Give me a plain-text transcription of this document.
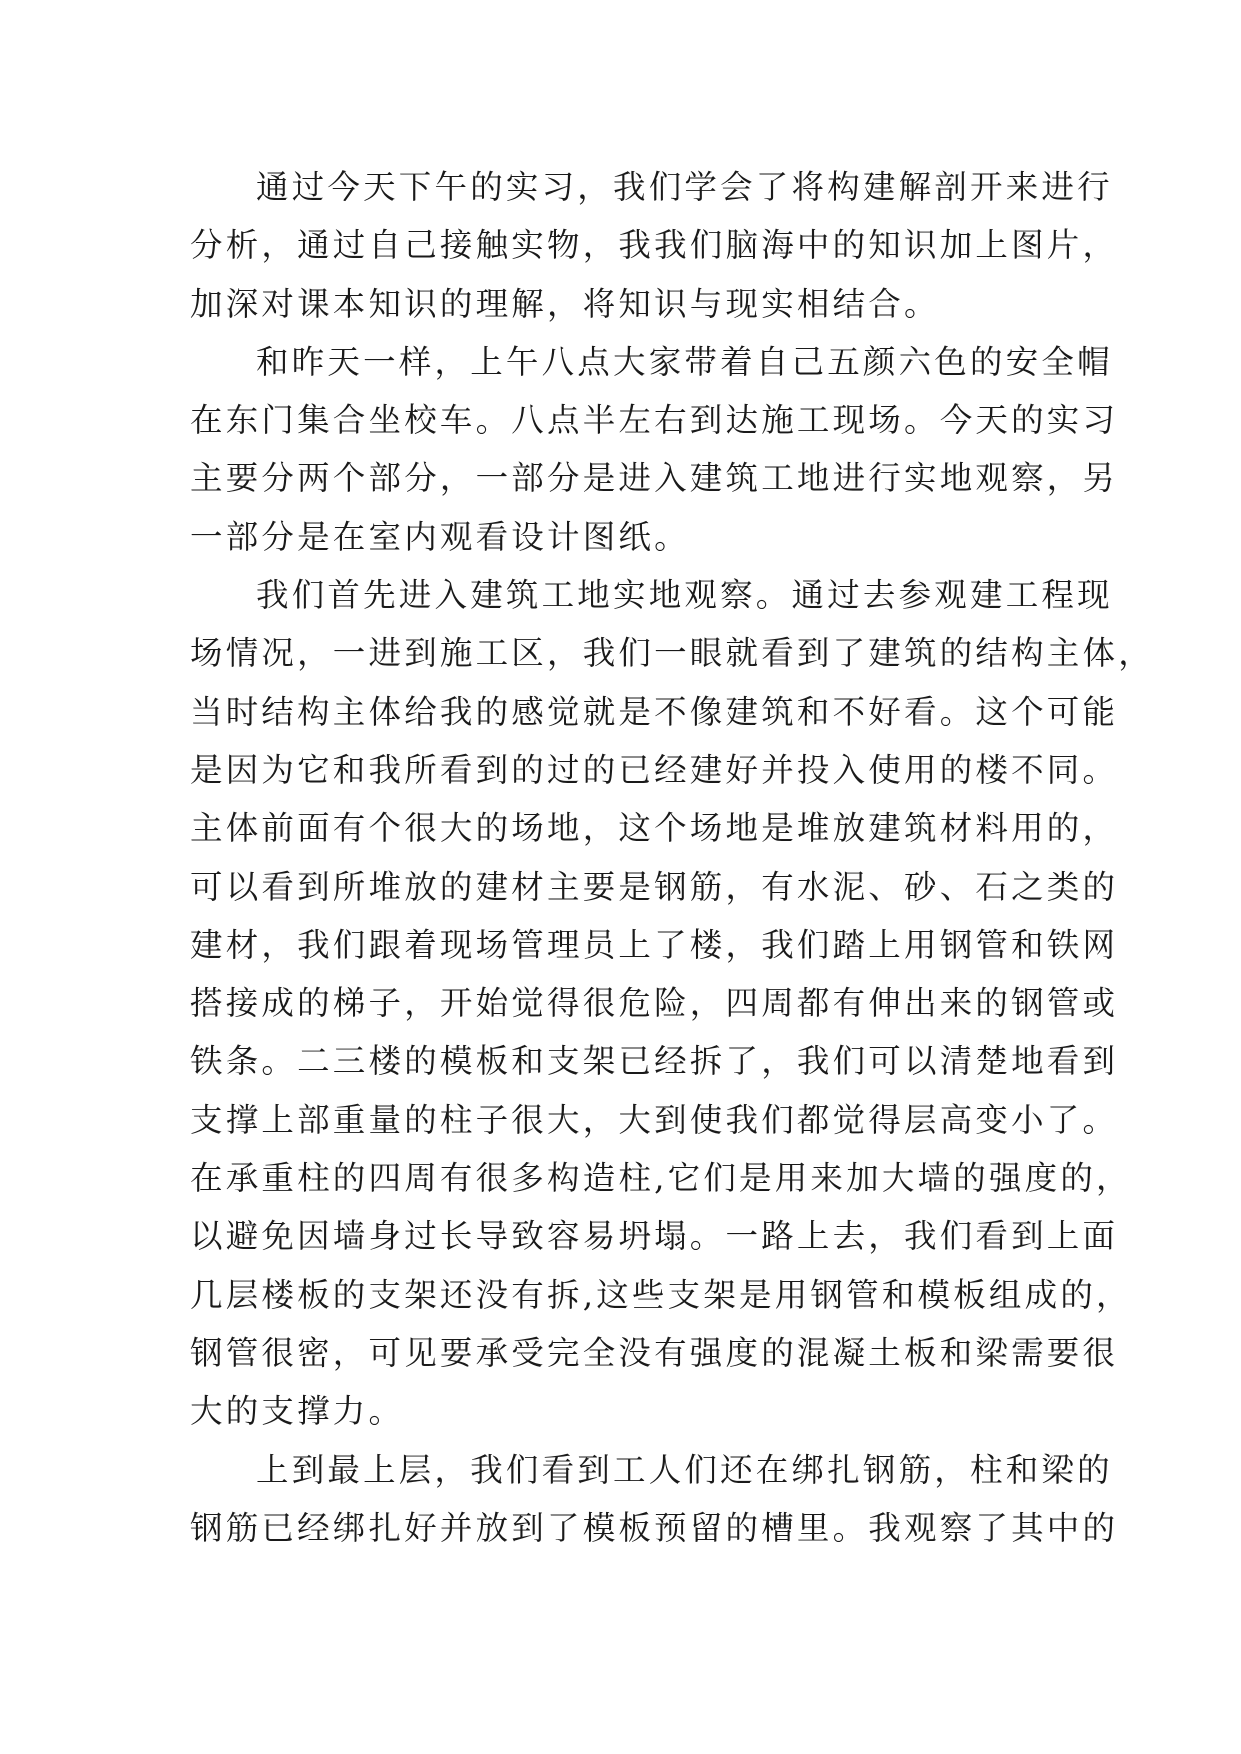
通过今天下午的实习，我们学会了将构建解剖开来进行
分析，通过自己接触实物，我我们脑海中的知识加上图片，
加深对课本知识的理解，将知识与现实相结合。
和昨天一样，上午八点大家带着自己五颜六色的安全帽
在东门集合坐校车。八点半左右到达施工现场。今天的实习
主要分两个部分，一部分是进入建筑工地进行实地观察，另
一部分是在室内观看设计图纸。
我们首先进入建筑工地实地观察。通过去参观建工程现
场情况，一进到施工区，我们一眼就看到了建筑的结构主体，
当时结构主体给我的感觉就是不像建筑和不好看。这个可能
是因为它和我所看到的过的已经建好并投入使用的楼不同。
主体前面有个很大的场地，这个场地是堆放建筑材料用的，
可以看到所堆放的建材主要是钢筋，有水泥、砂、石之类的
建材，我们跟着现场管理员上了楼，我们踏上用钢管和铁网
搭接成的梯子，开始觉得很危险，四周都有伸出来的钢管或
铁条。二三楼的模板和支架已经拆了，我们可以清楚地看到
支撑上部重量的柱子很大，大到使我们都觉得层高变小了。
在承重柱的四周有很多构造柱,它们是用来加大墙的强度的，
以避免因墙身过长导致容易坍塌。一路上去，我们看到上面
几层楼板的支架还没有拆,这些支架是用钢管和模板组成的，
钢管很密，可见要承受完全没有强度的混凝土板和梁需要很
大的支撑力。
上到最上层，我们看到工人们还在绑扎钢筋，柱和梁的
钢筋已经绑扎好并放到了模板预留的槽里。我观察了其中的
